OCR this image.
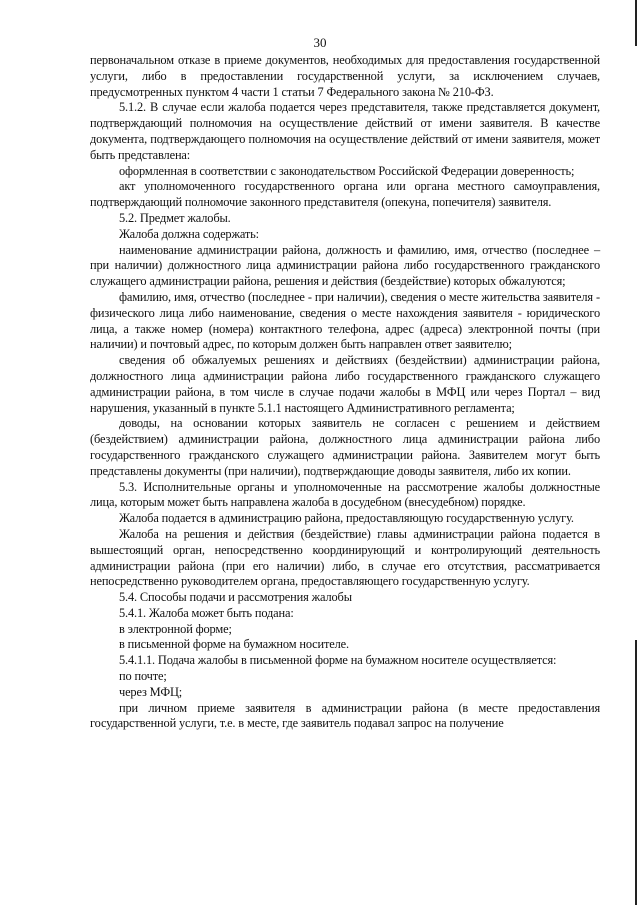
30

первоначальном отказе в приеме документов, необходимых для предоставления государственной услуги, либо в предоставлении государственной услуги, за исключением случаев, предусмотренных пунктом 4 части 1 статьи 7 Федерального закона № 210-ФЗ.

5.1.2. В случае если жалоба подается через представителя, также представляется документ, подтверждающий полномочия на осуществление действий от имени заявителя. В качестве документа, подтверждающего полномочия на осуществление действий от имени заявителя, может быть представлена:

оформленная в соответствии с законодательством Российской Федерации доверенность;

акт уполномоченного государственного органа или органа местного самоуправления, подтверждающий полномочие законного представителя (опекуна, попечителя) заявителя.

5.2. Предмет жалобы.

Жалоба должна содержать:

наименование администрации района, должность и фамилию, имя, отчество (последнее – при наличии) должностного лица администрации района либо государственного гражданского служащего администрации района, решения и действия (бездействие) которых обжалуются;

фамилию, имя, отчество (последнее - при наличии), сведения о месте жительства заявителя - физического лица либо наименование, сведения о месте нахождения заявителя - юридического лица, а также номер (номера) контактного телефона, адрес (адреса) электронной почты (при наличии) и почтовый адрес, по которым должен быть направлен ответ заявителю;

сведения об обжалуемых решениях и действиях (бездействии) администрации района, должностного лица администрации района либо государственного гражданского служащего администрации района, в том числе в случае подачи жалобы в МФЦ или через Портал – вид нарушения, указанный в пункте 5.1.1 настоящего Административного регламента;

доводы, на основании которых заявитель не согласен с решением и действием (бездействием) администрации района, должностного лица администрации района либо государственного гражданского служащего администрации района. Заявителем могут быть представлены документы (при наличии), подтверждающие доводы заявителя, либо их копии.

5.3. Исполнительные органы и уполномоченные на рассмотрение жалобы должностные лица, которым может быть направлена жалоба в досудебном (внесудебном) порядке.

Жалоба подается в администрацию района, предоставляющую государственную услугу.

Жалоба на решения и действия (бездействие) главы администрации района подается в вышестоящий орган, непосредственно координирующий и контролирующий деятельность администрации района (при его наличии) либо, в случае его отсутствия, рассматривается непосредственно руководителем органа, предоставляющего государственную услугу.

5.4. Способы подачи и рассмотрения жалобы

5.4.1. Жалоба может быть подана:

в электронной форме;

в письменной форме на бумажном носителе.

5.4.1.1. Подача жалобы в письменной форме на бумажном носителе осуществляется:

по почте;

через МФЦ;

при личном приеме заявителя в администрации района (в месте предоставления государственной услуги, т.е. в месте, где заявитель подавал запрос на получение
